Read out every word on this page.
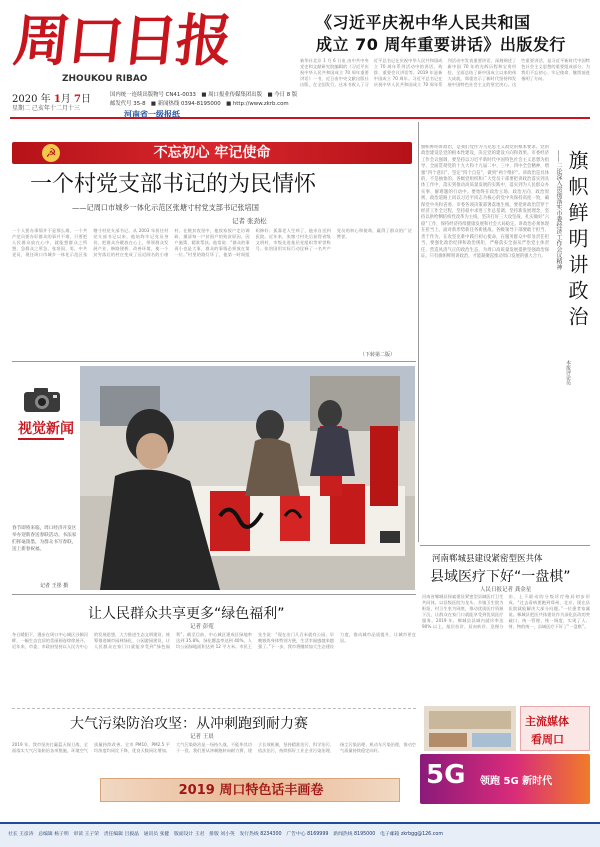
周口日报
ZHOUKOU RIBAO
2020 年 1月 7日
星期二 己亥年十二月十三
国内统一连续出版物号 CN41-0033　■ 周口报业传媒集团出版　■ 今日 8 版
邮发代号 35-8　■ 新闻热线 0394-8195000　■ http://www.zkrb.com
河南省一级报纸
《习近平庆祝中华人民共和国
成立 70 周年重要讲话》出版发行
新华社北京 1 月 6 日电 由中共中央党史和文献研究院编辑的《习近平庆祝中华人民共和国成立 70 周年重要讲话》一书，近日由中央文献出版社出版，在全国发行。这本书收入了习近平总书记在庆祝中华人民共和国成立 70 周年系列活动中的讲话、致辞、重要会议讲话等。2019 年是新中国成立 70 周年。习近平总书记在庆祝中华人民共和国成立 70 周年系列活动中发表重要讲话，深刻阐述了新中国 70 年的光辉历程和宝贵经验，全面总结了新中国成立以来的伟大成就，郑重宣示了新时代坚持和发展中国特色社会主义的坚定决心。这些重要讲话，是习近平新时代中国特色社会主义思想的重要组成部分，为我们不忘初心、牢记使命、继续前进指明了方向。
☭	不忘初心 牢记使命
一个村党支部书记的为民情怀
——记周口市城乡一体化示范区张塘寸村党支部书记张培国
记者 张劲松
一个人要办事情并不是那么难，一个共产党员要办好群众的事并不难，只要把人民群众放在心中，就能想群众之所想、急群众之所急。张培国，男，中共党员，现任周口市城乡一体化示范区张塘寸村党支部书记。从 2003 年担任村党支部书记以来，他始终牢记党员身份，把群众冷暖放在心上，带领群众发展产业、修路建桥、改善环境，使一个贫穷落后的村庄变成了远近闻名的小康村。在脱贫攻坚中，他挨家挨户走访调研，摸清每一户贫困户的致贫原因，因户施策、精准帮扶。他常说：“群众的事再小也是大事，群众的事情必须放在第一位。”村里的路灯坏了，他第一时间组织修好；孤寡老人生病了，他亲自送到医院。近年来，张塘寸村先后获得省级文明村、市级先进基层党组织等荣誉称号。张培国用实际行动诠释了一名共产党员的初心和使命，赢得了群众的广泛赞誉。
（下转第二版）
旗帜鲜明讲政治，是我们党作为马克思主义政党的根本要求。党的政治建设是党的根本性建设，决定党的建设方向和效果。市委经济工作会议强调，要坚持以习近平新时代中国特色社会主义思想为指导，全面贯彻党的十九大和十九届二中、三中、四中全会精神，增强“四个意识”，坚定“四个自信”，做到“两个维护”。讲政治是具体的，不是抽象的。各级党组织和广大党员干部要把讲政治落实到具体工作中，落实到推动高质量发展的实践中，落实到为人民群众办实事、解难题的行动中。要始终在政治立场、政治方向、政治原则、政治道路上同以习近平同志为核心的党中央保持高度一致，确保党中央和省委、市委各项决策部署落地生根。要把讲政治贯穿于经济工作全过程，坚持稳中求进工作总基调，坚持新发展理念，坚持以供给侧结构性改革为主线，坚决打好三大攻坚战，扎实做好“六稳”工作，保持经济持续健康发展和社会大局稳定。讲政治必须体现在担当上。面对新形势新任务新挑战，各级领导干部要敢于担当、善于作为，在攻坚克难中践行初心使命，在服务群众中彰显责任担当。要强化政治纪律和政治规矩，严格落实全面从严治党主体责任，营造风清气正的政治生态，为周口高质量发展提供坚强政治保证。只有旗帜鲜明讲政治，才能凝聚起推动周口发展的强大合力。 旗帜鲜明讲政治
——二论深入贯彻落实市委经济工作会议精神
本报评论员
视觉新闻
春节即将来临，周口经济开发区举办迎新春送春联活动。书法家们挥毫泼墨，为群众书写春联，送上新春祝福。
记者 王彤 摄
让人民群众共享更多“绿色福利”
记者 彭菀
冬日暖阳下，漫步在周口中心城区沙颍河畔，一幅生态宜居的美丽画卷徐徐展开。近年来，市委、市政府坚持以人民为中心的发展思想，大力推进生态文明建设，统筹推进城市园林绿化、公园游园建设，让人民群众在家门口就能享受到“绿色福利”。截至目前，中心城区建成区绿地率达到 35.8%，绿化覆盖率达到 40%，人均公园绿地面积达到 12 平方米。市民王先生说：“现在出门几百米就有公园，早晚锻炼身体特别方便，生活幸福感越来越强了。”下一步，我市将继续加大生态建设力度，推动城市品质提升，让城市更宜居。
大气污染防治攻坚：从冲刺跑到耐力赛
记者 王晨
2019 年，我市坚决打赢蓝天保卫战，全面落实大气污染防治各项措施，环境空气质量持续改善。全市 PM10、PM2.5 平均浓度均同比下降，优良天数同比增加。大气污染防治是一场持久战，不能毕其功于一役。我们要从冲刺跑转向耐力赛，建立长效机制，坚持精准治污、科学治污、依法治污，持续抓好工业企业污染治理、扬尘污染治理、机动车污染治理，推动空气质量持续稳定向好。
2019 周口特色话丰画卷
河南郸城县建设紧密型医共体
县域医疗下好“一盘棋”
人民日报记者 龚金星
河南省郸城县探索建设紧密型县域医疗卫生共同体，以县级医院为龙头、乡镇卫生院为枢纽、村卫生室为网底，推动优质医疗资源下沉，让群众在家门口就能享受到优质医疗服务。2019 年，郸城县县域内就诊率达 90% 以上，基层首诊、双向转诊、急慢分治、上下联动的分级诊疗格局初步形成。“过去看病要跑到郑州、北京，现在县医院就能解决大部分问题。”一位患者家属说。郸城县把医共体建设作为深化医改的突破口，统一管理、统一调度，实现了人、财、物的统一，县域医疗下好了“一盘棋”。
主流媒体
看周口
5G 领跑 5G 新时代
社长 王彦涛　 总编辑 杨子明　 审读 王子荣　 责任编辑 吕毅晶　 通讯员 张健　 版面设计 王君　 排版 刘小英　 发行热线 8234300　 广告中心 8169999　 新闻热线 8195000　 电子邮箱 zkrbgg@126.com
